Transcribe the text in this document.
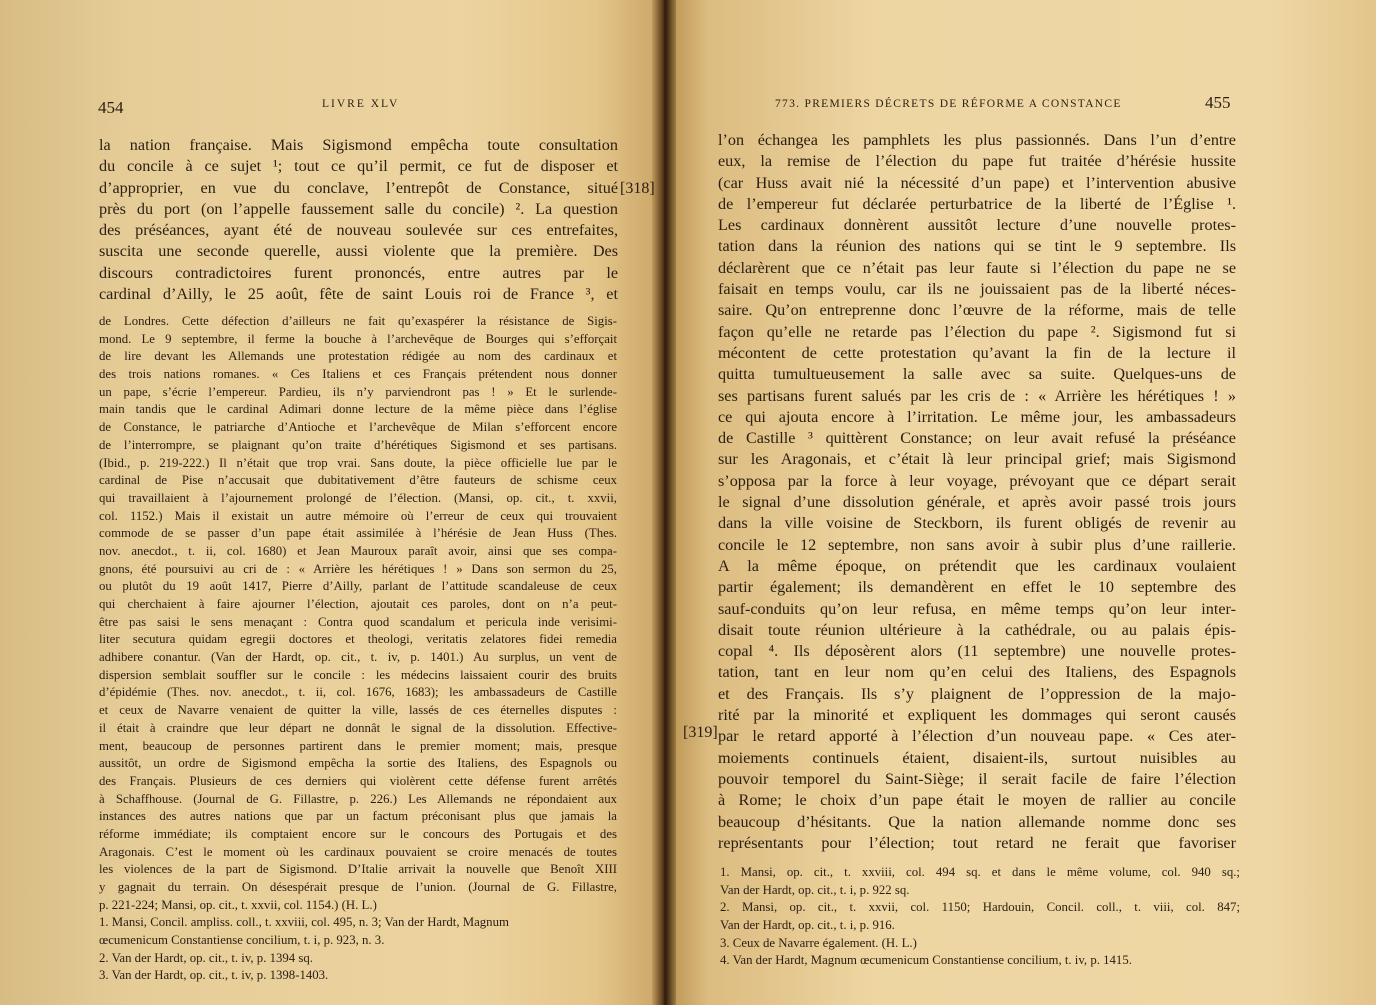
454	LIVRE XLV
la nation française. Mais Sigismond empêcha toute consultation
du concile à ce sujet ¹; tout ce qu’il permit, ce fut de disposer et
d’approprier, en vue du conclave, l’entrepôt de Constance, situé
près du port (on l’appelle faussement salle du concile) ². La question
des préséances, ayant été de nouveau soulevée sur ces entrefaites,
suscita une seconde querelle, aussi violente que la première. Des
discours contradictoires furent prononcés, entre autres par le
cardinal d’Ailly, le 25 août, fête de saint Louis roi de France ³, et
[318]
de Londres. Cette défection d’ailleurs ne fait qu’exaspérer la résistance de Sigis-
mond. Le 9 septembre, il ferme la bouche à l’archevêque de Bourges qui s’efforçait
de lire devant les Allemands une protestation rédigée au nom des cardinaux et
des trois nations romanes. « Ces Italiens et ces Français prétendent nous donner
un pape, s’écrie l’empereur. Pardieu, ils n’y parviendront pas ! » Et le surlende-
main tandis que le cardinal Adimari donne lecture de la même pièce dans l’église
de Constance, le patriarche d’Antioche et l’archevêque de Milan s’efforcent encore
de l’interrompre, se plaignant qu’on traite d’hérétiques Sigismond et ses partisans.
(Ibid., p. 219-222.) Il n’était que trop vrai. Sans doute, la pièce officielle lue par le
cardinal de Pise n’accusait que dubitativement d’être fauteurs de schisme ceux
qui travaillaient à l’ajournement prolongé de l’élection. (Mansi, op. cit., t. xxvii,
col. 1152.) Mais il existait un autre mémoire où l’erreur de ceux qui trouvaient
commode de se passer d’un pape était assimilée à l’hérésie de Jean Huss (Thes.
nov. anecdot., t. ii, col. 1680) et Jean Mauroux paraît avoir, ainsi que ses compa-
gnons, été poursuivi au cri de : « Arrière les hérétiques ! » Dans son sermon du 25,
ou plutôt du 19 août 1417, Pierre d’Ailly, parlant de l’attitude scandaleuse de ceux
qui cherchaient à faire ajourner l’élection, ajoutait ces paroles, dont on n’a peut-
être pas saisi le sens menaçant : Contra quod scandalum et pericula inde verisimi-
liter secutura quidam egregii doctores et theologi, veritatis zelatores fidei remedia
adhibere conantur. (Van der Hardt, op. cit., t. iv, p. 1401.) Au surplus, un vent de
dispersion semblait souffler sur le concile : les médecins laissaient courir des bruits
d’épidémie (Thes. nov. anecdot., t. ii, col. 1676, 1683); les ambassadeurs de Castille
et ceux de Navarre venaient de quitter la ville, lassés de ces éternelles disputes :
il était à craindre que leur départ ne donnât le signal de la dissolution. Effective-
ment, beaucoup de personnes partirent dans le premier moment; mais, presque
aussitôt, un ordre de Sigismond empêcha la sortie des Italiens, des Espagnols ou
des Français. Plusieurs de ces derniers qui violèrent cette défense furent arrêtés
à Schaffhouse. (Journal de G. Fillastre, p. 226.) Les Allemands ne répondaient aux
instances des autres nations que par un factum préconisant plus que jamais la
réforme immédiate; ils comptaient encore sur le concours des Portugais et des
Aragonais. C’est le moment où les cardinaux pouvaient se croire menacés de toutes
les violences de la part de Sigismond. D’Italie arrivait la nouvelle que Benoît XIII
y gagnait du terrain. On désespérait presque de l’union. (Journal de G. Fillastre,
p. 221-224; Mansi, op. cit., t. xxvii, col. 1154.) (H. L.)
1. Mansi, Concil. ampliss. coll., t. xxviii, col. 495, n. 3; Van der Hardt, Magnum
œcumenicum Constantiense concilium, t. i, p. 923, n. 3.
2. Van der Hardt, op. cit., t. iv, p. 1394 sq.
3. Van der Hardt, op. cit., t. iv, p. 1398-1403.
773. PREMIERS DÉCRETS DE RÉFORME A CONSTANCE	455
l’on échangea les pamphlets les plus passionnés. Dans l’un d’entre
eux, la remise de l’élection du pape fut traitée d’hérésie hussite
(car Huss avait nié la nécessité d’un pape) et l’intervention abusive
de l’empereur fut déclarée perturbatrice de la liberté de l’Église ¹.
Les cardinaux donnèrent aussitôt lecture d’une nouvelle protes-
tation dans la réunion des nations qui se tint le 9 septembre. Ils
déclarèrent que ce n’était pas leur faute si l’élection du pape ne se
faisait en temps voulu, car ils ne jouissaient pas de la liberté néces-
saire. Qu’on entreprenne donc l’œuvre de la réforme, mais de telle
façon qu’elle ne retarde pas l’élection du pape ². Sigismond fut si
mécontent de cette protestation qu’avant la fin de la lecture il
quitta tumultueusement la salle avec sa suite. Quelques-uns de
ses partisans furent salués par les cris de : « Arrière les hérétiques ! »
ce qui ajouta encore à l’irritation. Le même jour, les ambassadeurs
de Castille ³ quittèrent Constance; on leur avait refusé la préséance
sur les Aragonais, et c’était là leur principal grief; mais Sigismond
s’opposa par la force à leur voyage, prévoyant que ce départ serait
le signal d’une dissolution générale, et après avoir passé trois jours
dans la ville voisine de Steckborn, ils furent obligés de revenir au
concile le 12 septembre, non sans avoir à subir plus d’une raillerie.
A la même époque, on prétendit que les cardinaux voulaient
partir également; ils demandèrent en effet le 10 septembre des
sauf-conduits qu’on leur refusa, en même temps qu’on leur inter-
disait toute réunion ultérieure à la cathédrale, ou au palais épis-
copal ⁴. Ils déposèrent alors (11 septembre) une nouvelle protes-
tation, tant en leur nom qu’en celui des Italiens, des Espagnols
et des Français. Ils s’y plaignent de l’oppression de la majo-
rité par la minorité et expliquent les dommages qui seront causés
par le retard apporté à l’élection d’un nouveau pape. « Ces ater-
moiements continuels étaient, disaient-ils, surtout nuisibles au
pouvoir temporel du Saint-Siège; il serait facile de faire l’élection
à Rome; le choix d’un pape était le moyen de rallier au concile
beaucoup d’hésitants. Que la nation allemande nomme donc ses
représentants pour l’élection; tout retard ne ferait que favoriser
[319]
1. Mansi, op. cit., t. xxviii, col. 494 sq. et dans le même volume, col. 940 sq.;
Van der Hardt, op. cit., t. i, p. 922 sq.
2. Mansi, op. cit., t. xxvii, col. 1150; Hardouin, Concil. coll., t. viii, col. 847;
Van der Hardt, op. cit., t. i, p. 916.
3. Ceux de Navarre également. (H. L.)
4. Van der Hardt, Magnum œcumenicum Constantiense concilium, t. iv, p. 1415.
